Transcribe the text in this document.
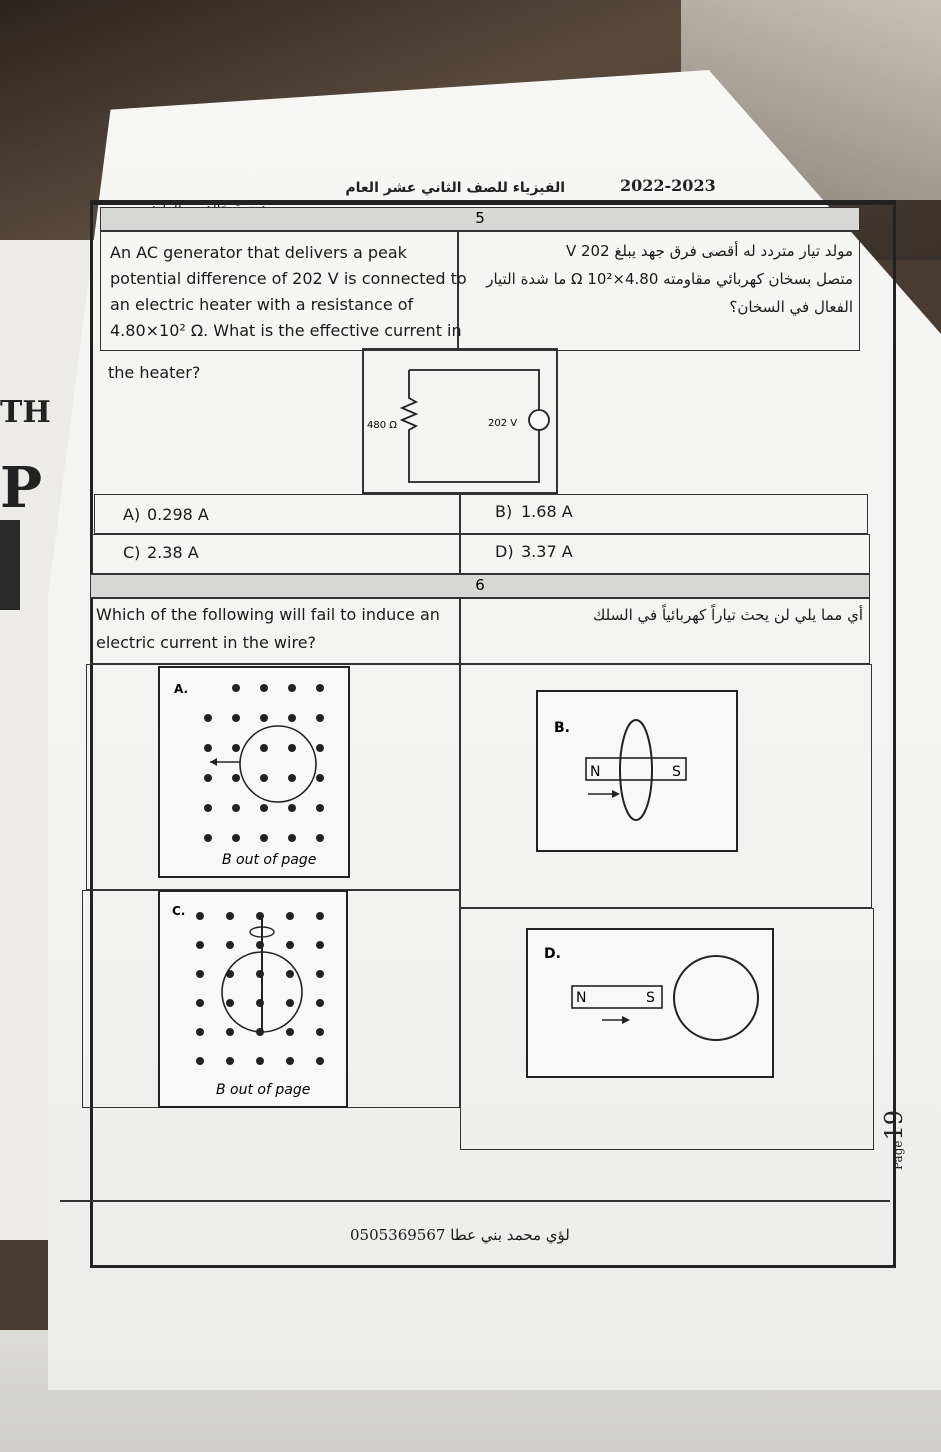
TH
P
الفيزياء للصف الثاني عشر العام	2022-2023
5
An AC generator that delivers a peak
potential difference of 202 V is connected to
an electric heater with a resistance of
4.80×10² Ω. What is the effective current in
the heater?
مولد تيار متردد له أقصى فرق جهد يبلغ 202 V
متصل بسخان كهربائي مقاومته 4.80×10² Ω ما شدة التيار
الفعال في السخان؟
480 Ω	202 V
A) 0.298 A	B) 1.68 A
C) 2.38 A	D) 3.37 A
6
Which of the following will fail to induce an
electric current in the wire?
أي مما يلي لن يحث تياراً كهربائياً في السلك
A.
B out of page
B.
N	S
C.
B out of page
D.
N	S
0505369567 لؤي محمد بني عطا
Page19
